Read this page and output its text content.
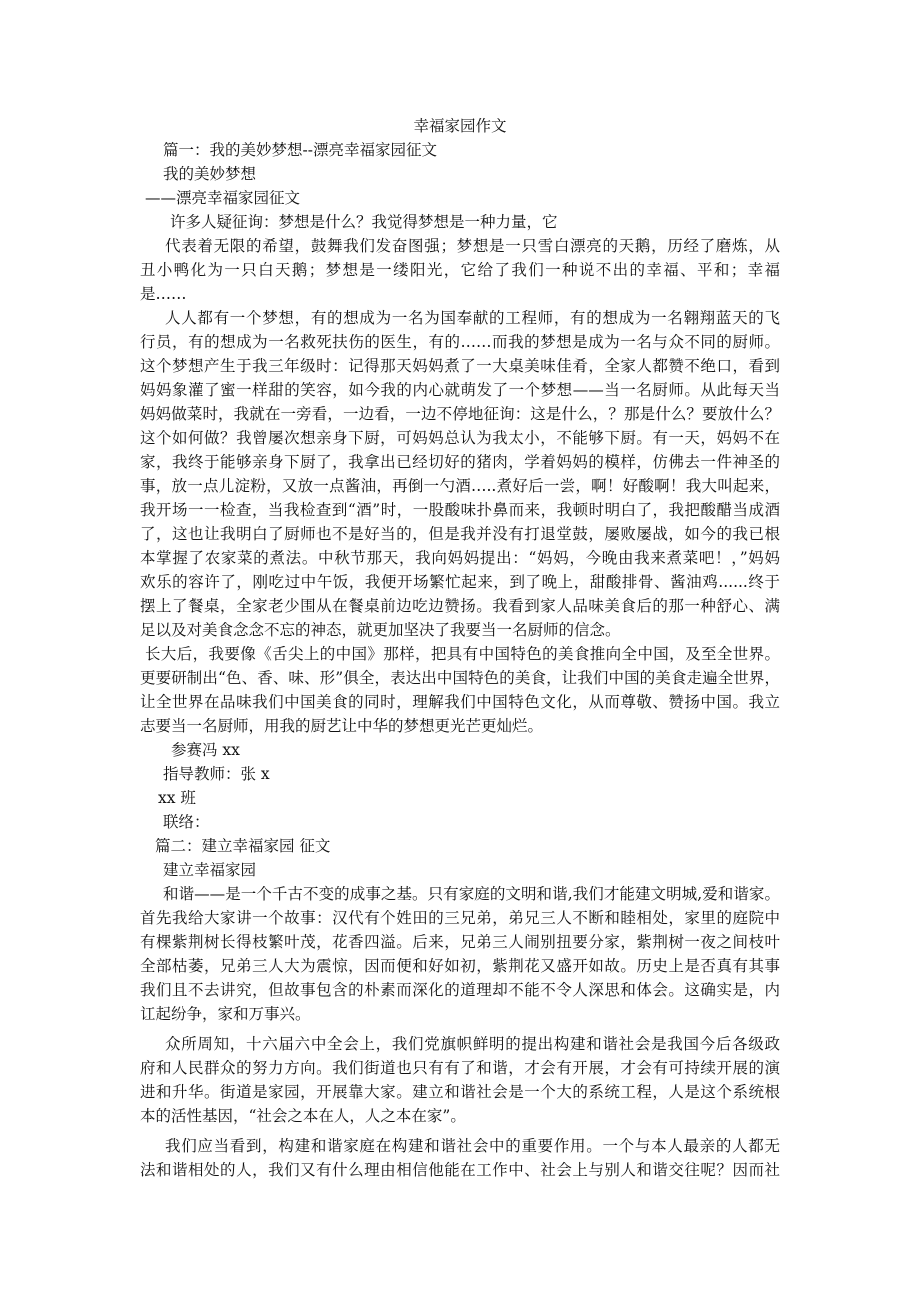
幸福家园作文
篇一：我的美妙梦想--漂亮幸福家园征文
我的美妙梦想
——漂亮幸福家园征文
许多人疑征询：梦想是什么？我觉得梦想是一种力量，它
代表着无限的希望，鼓舞我们发奋图强；梦想是一只雪白漂亮的天鹅，历经了磨炼，从
丑小鸭化为一只白天鹅；梦想是一缕阳光，它给了我们一种说不出的幸福、平和；幸福
是……
人人都有一个梦想，有的想成为一名为国奉献的工程师，有的想成为一名翱翔蓝天的飞
行员，有的想成为一名救死扶伤的医生，有的……而我的梦想是成为一名与众不同的厨师。
这个梦想产生于我三年级时：记得那天妈妈煮了一大桌美味佳肴，全家人都赞不绝口，看到
妈妈象灌了蜜一样甜的笑容，如今我的内心就萌发了一个梦想——当一名厨师。从此每天当
妈妈做菜时，我就在一旁看，一边看，一边不停地征询：这是什么，？那是什么？要放什么？
这个如何做？我曾屡次想亲身下厨，可妈妈总认为我太小，不能够下厨。有一天，妈妈不在
家，我终于能够亲身下厨了，我拿出已经切好的猪肉，学着妈妈的模样，仿佛去一件神圣的
事，放一点儿淀粉，又放一点酱油，再倒一勺酒…..煮好后一尝，啊！好酸啊！我大叫起来，
我开场一一检查，当我检查到“酒”时，一股酸味扑鼻而来，我顿时明白了，我把酸醋当成酒
了，这也让我明白了厨师也不是好当的，但是我并没有打退堂鼓，屡败屡战，如今的我已根
本掌握了农家菜的煮法。中秋节那天，我向妈妈提出：“妈妈，今晚由我来煮菜吧！，”妈妈
欢乐的容许了，刚吃过中午饭，我便开场繁忙起来，到了晚上，甜酸排骨、酱油鸡......终于
摆上了餐桌，全家老少围从在餐桌前边吃边赞扬。我看到家人品味美食后的那一种舒心、满
足以及对美食念念不忘的神态，就更加坚决了我要当一名厨师的信念。
长大后，我要像《舌尖上的中国》那样，把具有中国特色的美食推向全中国，及至全世界。
更要研制出“色、香、味、形”俱全，表达出中国特色的美食，让我们中国的美食走遍全世界，
让全世界在品味我们中国美食的同时，理解我们中国特色文化，从而尊敬、赞扬中国。我立
志要当一名厨师，用我的厨艺让中华的梦想更光芒更灿烂。
参赛冯 xx
指导教师：张 x
xx 班
联络：
篇二：建立幸福家园 征文
建立幸福家园
和谐——是一个千古不变的成事之基。只有家庭的文明和谐,我们才能建文明城,爱和谐家。
首先我给大家讲一个故事：汉代有个姓田的三兄弟，弟兄三人不断和睦相处，家里的庭院中
有棵紫荆树长得枝繁叶茂，花香四溢。后来，兄弟三人闹别扭要分家，紫荆树一夜之间枝叶
全部枯萎，兄弟三人大为震惊，因而便和好如初，紫荆花又盛开如故。历史上是否真有其事
我们且不去讲究，但故事包含的朴素而深化的道理却不能不令人深思和体会。这确实是，内
讧起纷争，家和万事兴。
众所周知，十六届六中全会上，我们党旗帜鲜明的提出构建和谐社会是我国今后各级政
府和人民群众的努力方向。我们街道也只有有了和谐，才会有开展，才会有可持续开展的演
进和升华。街道是家园，开展靠大家。建立和谐社会是一个大的系统工程，人是这个系统根
本的活性基因，“社会之本在人，人之本在家”。
我们应当看到，构建和谐家庭在构建和谐社会中的重要作用。一个与本人最亲的人都无
法和谐相处的人，我们又有什么理由相信他能在工作中、社会上与别人和谐交往呢？因而社
